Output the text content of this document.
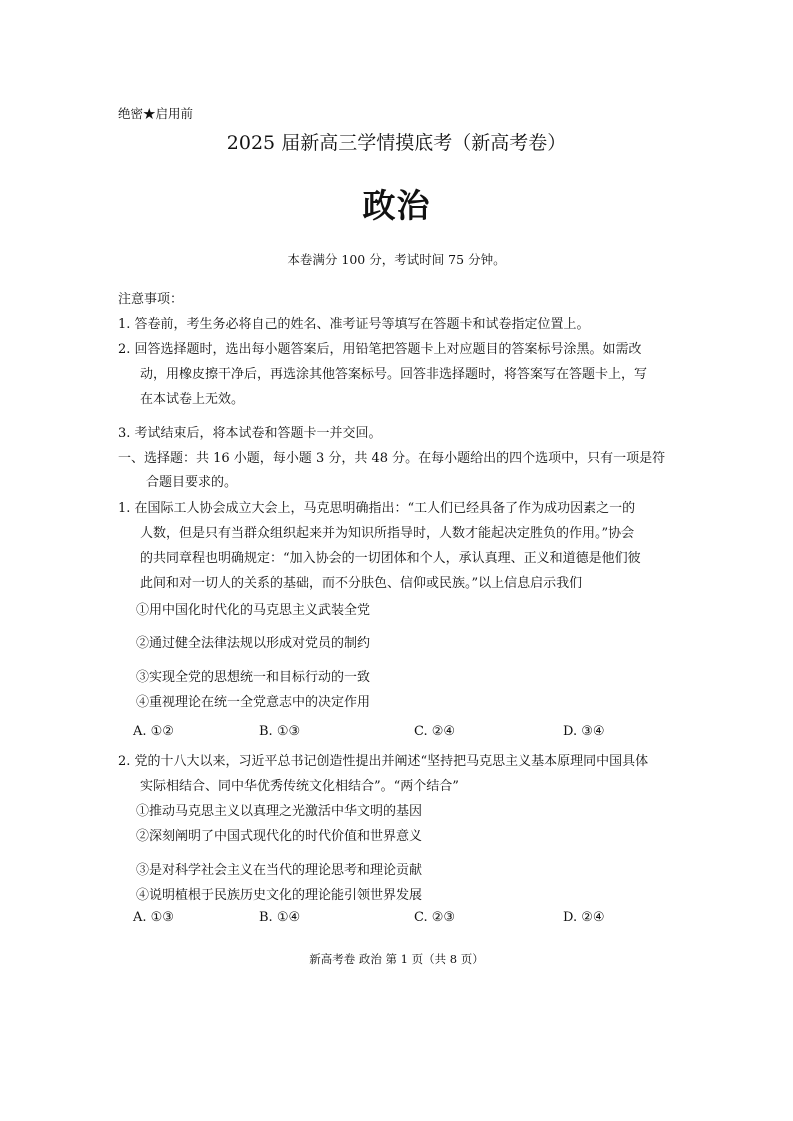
绝密★启用前
2025 届新高三学情摸底考（新高考卷）
政治
本卷满分 100 分，考试时间 75 分钟。
注意事项：
1. 答卷前，考生务必将自己的姓名、准考证号等填写在答题卡和试卷指定位置上。
2. 回答选择题时，选出每小题答案后，用铅笔把答题卡上对应题目的答案标号涂黑。如需改
动，用橡皮擦干净后，再选涂其他答案标号。回答非选择题时，将答案写在答题卡上，写
在本试卷上无效。
3. 考试结束后，将本试卷和答题卡一并交回。
一、选择题：共 16 小题，每小题 3 分，共 48 分。在每小题给出的四个选项中，只有一项是符
合题目要求的。
1. 在国际工人协会成立大会上，马克思明确指出：“工人们已经具备了作为成功因素之一的
人数，但是只有当群众组织起来并为知识所指导时，人数才能起决定胜负的作用。”协会
的共同章程也明确规定：“加入协会的一切团体和个人，承认真理、正义和道德是他们彼
此间和对一切人的关系的基础，而不分肤色、信仰或民族。”以上信息启示我们
①用中国化时代化的马克思主义武装全党
②通过健全法律法规以形成对党员的制约
③实现全党的思想统一和目标行动的一致
④重视理论在统一全党意志中的决定作用
A. ①②	B. ①③	C. ②④	D. ③④
2. 党的十八大以来，习近平总书记创造性提出并阐述“坚持把马克思主义基本原理同中国具体
实际相结合、同中华优秀传统文化相结合”。“两个结合”
①推动马克思主义以真理之光激活中华文明的基因
②深刻阐明了中国式现代化的时代价值和世界意义
③是对科学社会主义在当代的理论思考和理论贡献
④说明植根于民族历史文化的理论能引领世界发展
A. ①③	B. ①④	C. ②③	D. ②④
新高考卷 政治 第 1 页（共 8 页）
